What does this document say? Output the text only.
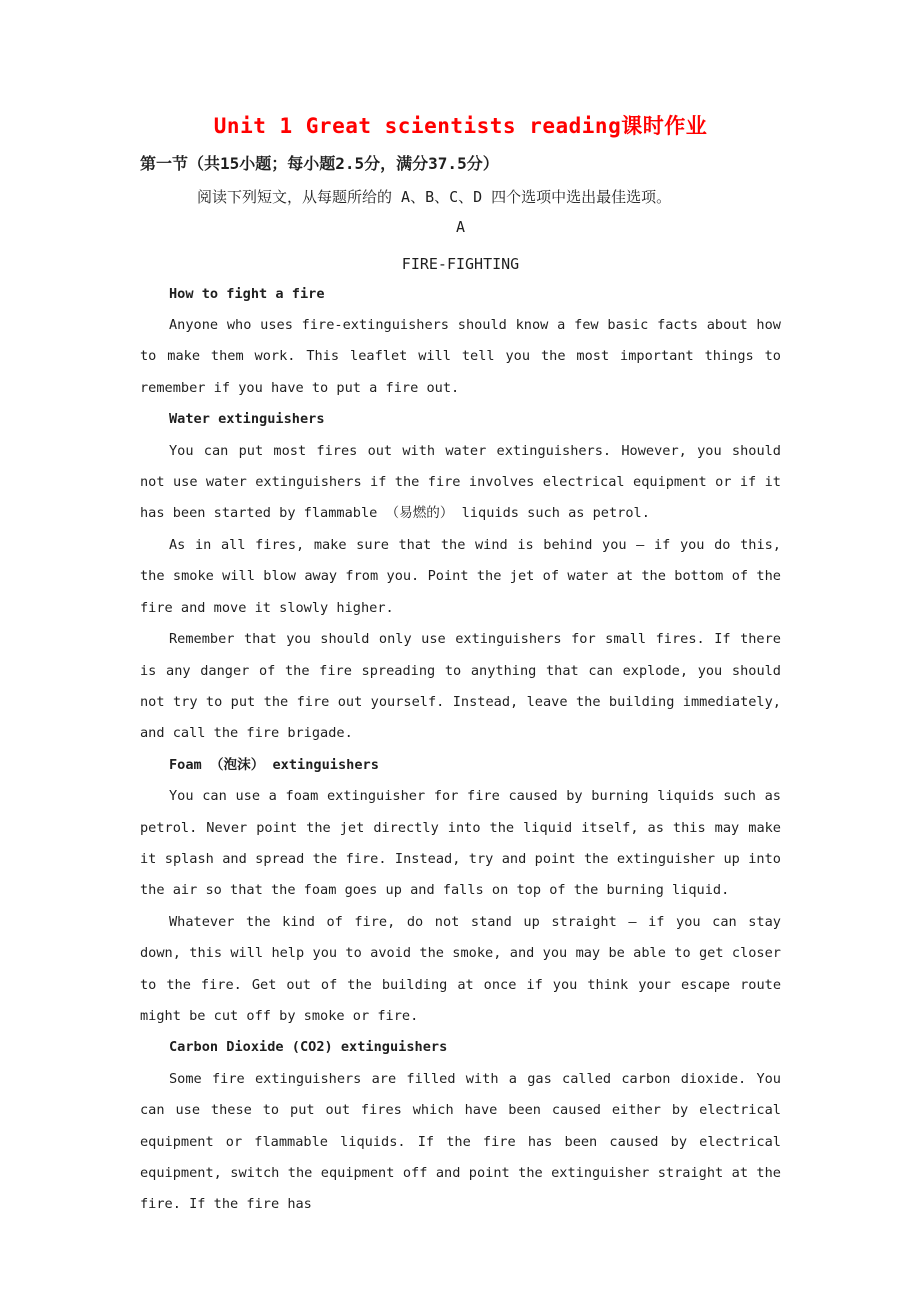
Unit 1 Great scientists reading课时作业
第一节（共15小题；每小题2.5分，满分37.5分）
阅读下列短文，从每题所给的 A、B、C、D 四个选项中选出最佳选项。
A
FIRE-FIGHTING

How to fight a fire

Anyone who uses fire-extinguishers should know a few basic facts about how to make them work. This leaflet will tell you the most important things to remember if you have to put a fire out.

Water extinguishers

You can put most fires out with water extinguishers. However, you should not use water extinguishers if the fire involves electrical equipment or if it has been started by flammable （易燃的） liquids such as petrol.

As in all fires, make sure that the wind is behind you — if you do this, the smoke will blow away from you. Point the jet of water at the bottom of the fire and move it slowly higher.

Remember that you should only use extinguishers for small fires. If there is any danger of the fire spreading to anything that can explode, you should not try to put the fire out yourself. Instead, leave the building immediately, and call the fire brigade.

Foam （泡沫） extinguishers

You can use a foam extinguisher for fire caused by burning liquids such as petrol. Never point the jet directly into the liquid itself, as this may make it splash and spread the fire. Instead, try and point the extinguisher up into the air so that the foam goes up and falls on top of the burning liquid.

Whatever the kind of fire, do not stand up straight — if you can stay down, this will help you to avoid the smoke, and you may be able to get closer to the fire. Get out of the building at once if you think your escape route might be cut off by smoke or fire.

Carbon Dioxide (CO2) extinguishers

Some fire extinguishers are filled with a gas called carbon dioxide. You can use these to put out fires which have been caused either by electrical equipment or flammable liquids. If the fire has been caused by electrical equipment, switch the equipment off and point the extinguisher straight at the fire. If the fire has
